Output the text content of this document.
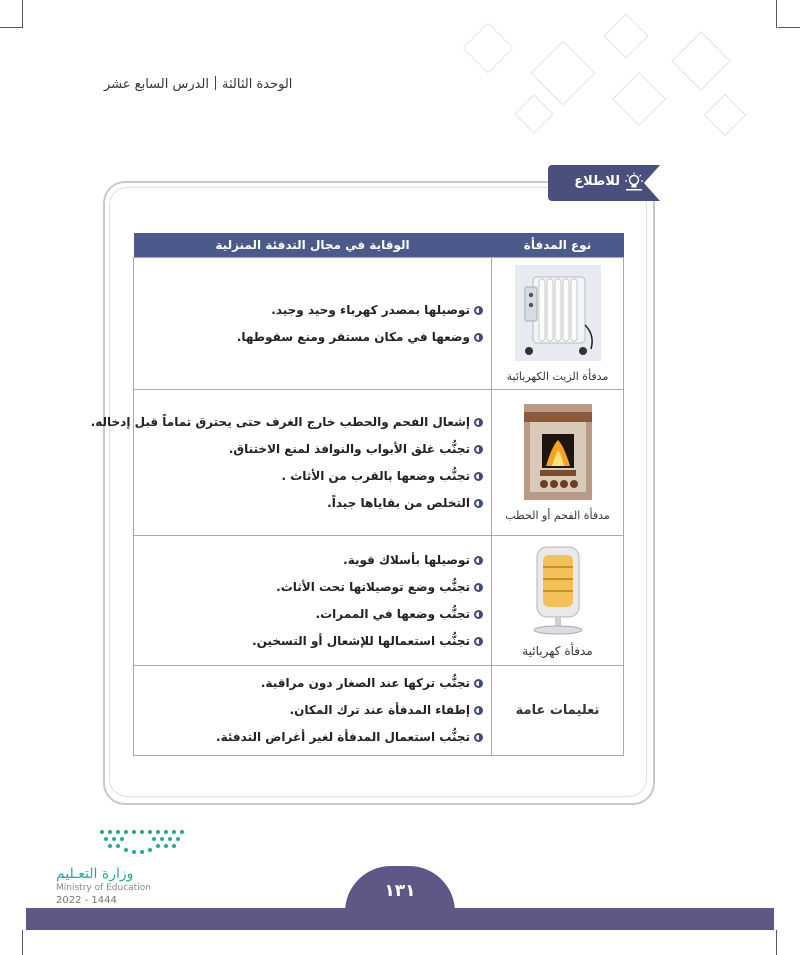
الوحدة الثالثةالدرس السابع عشر
للاطلاع
نوع المدفأة	الوقاية في مجال التدفئة المنزلية

مدفأة الزيت الكهربائية	توصيلها بمصدر كهرباء وحيد وجيد.
وضعها في مكان مستقر ومنع سقوطها.

مدفأة الفحم أو الحطب	إشعال الفحم والحطب خارج الغرف حتى يحترق تماماً قبل إدخاله.
تجنُّب غلق الأبواب والنوافذ لمنع الاختناق.
تجنُّب وضعها بالقرب من الأثاث .
التخلص من بقاياها جيداً.

مدفأة كهربائية	توصيلها بأسلاك قوية.
تجنُّب وضع توصيلاتها تحت الأثاث.
تجنُّب وضعها في الممرات.
تجنُّب استعمالها للإشعال أو التسخين.

تعليمات عامة	تجنُّب تركها عند الصغار دون مراقبة.
إطفاء المدفأة عند ترك المكان.
تجنُّب استعمال المدفأة لغير أغراض التدفئة.
وزارة التعـليم
Ministry of Education
2022 - 1444	١٣١
